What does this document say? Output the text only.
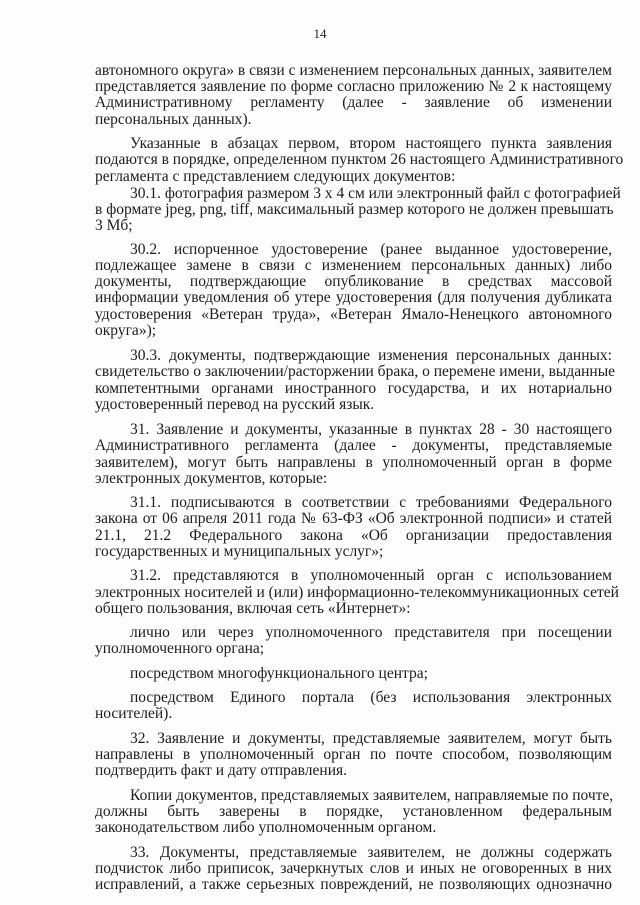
14
автономного округа» в связи с изменением персональных данных, заявителем
представляется заявление по форме согласно приложению № 2 к настоящему
Административному регламенту (далее - заявление об изменении
персональных данных).
Указанные в абзацах первом, втором настоящего пункта заявления
подаются в порядке, определенном пунктом 26 настоящего Административного
регламента с представлением следующих документов:
30.1. фотография размером 3 х 4 см или электронный файл с фотографией
в формате jpeg, png, tiff, максимальный размер которого не должен превышать
3 Мб;
30.2. испорченное удостоверение (ранее выданное удостоверение,
подлежащее замене в связи с изменением персональных данных) либо
документы, подтверждающие опубликование в средствах массовой
информации уведомления об утере удостоверения (для получения дубликата
удостоверения «Ветеран труда», «Ветеран Ямало-Ненецкого автономного
округа»);
30.3. документы, подтверждающие изменения персональных данных:
свидетельство о заключении/расторжении брака, о перемене имени, выданные
компетентными органами иностранного государства, и их нотариально
удостоверенный перевод на русский язык.
31. Заявление и документы, указанные в пунктах 28 - 30 настоящего
Административного регламента (далее - документы, представляемые
заявителем), могут быть направлены в уполномоченный орган в форме
электронных документов, которые:
31.1. подписываются в соответствии с требованиями Федерального
закона от 06 апреля 2011 года № 63-ФЗ «Об электронной подписи» и статей
21.1, 21.2 Федерального закона «Об организации предоставления
государственных и муниципальных услуг»;
31.2. представляются в уполномоченный орган с использованием
электронных носителей и (или) информационно-телекоммуникационных сетей
общего пользования, включая сеть «Интернет»:
лично или через уполномоченного представителя при посещении
уполномоченного органа;
посредством многофункционального центра;
посредством Единого портала (без использования электронных
носителей).
32. Заявление и документы, представляемые заявителем, могут быть
направлены в уполномоченный орган по почте способом, позволяющим
подтвердить факт и дату отправления.
Копии документов, представляемых заявителем, направляемые по почте,
должны быть заверены в порядке, установленном федеральным
законодательством либо уполномоченным органом.
33. Документы, представляемые заявителем, не должны содержать
подчисток либо приписок, зачеркнутых слов и иных не оговоренных в них
исправлений, а также серьезных повреждений, не позволяющих однозначно
